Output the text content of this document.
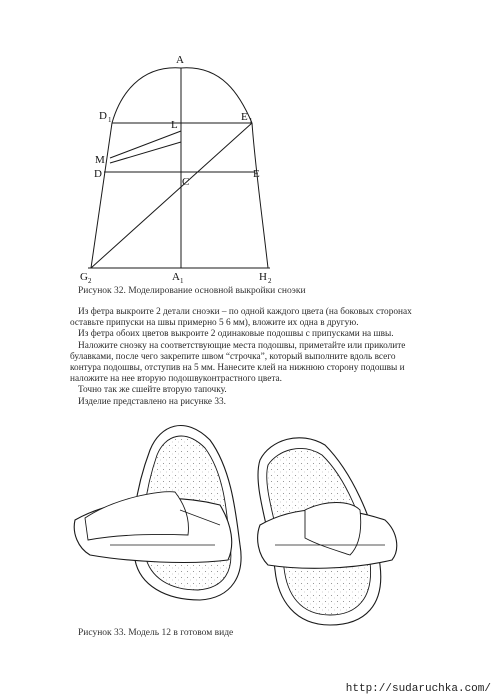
A
D 1	L
E 1
M
D
C
E
G 2	A 1	H 2
Рисунок 32. Моделирование основной выкройки сноэки

Из фетра выкроите 2 детали сноэки – по одной каждого цвета (на боковых сторонах

оставьте припуски на швы примерно 5 6 мм), вложите их одна в другую.

Из фетра обоих цветов выкроите 2 одинаковые подошвы с припусками на швы.

Наложите сноэку на соответствующие места подошвы, приметайте или приколите

булавками, после чего закрепите швом “строчка”, который выполните вдоль всего

контура подошвы, отступив на 5 мм. Нанесите клей на нижнюю сторону подошвы и

наложите на нее вторую подошвуконтрастного цвета.

Точно так же сшейте вторую тапочку.

Изделие представлено на рисунке 33.

Рисунок 33. Модель 12 в готовом виде
http://sudaruchka.com/
